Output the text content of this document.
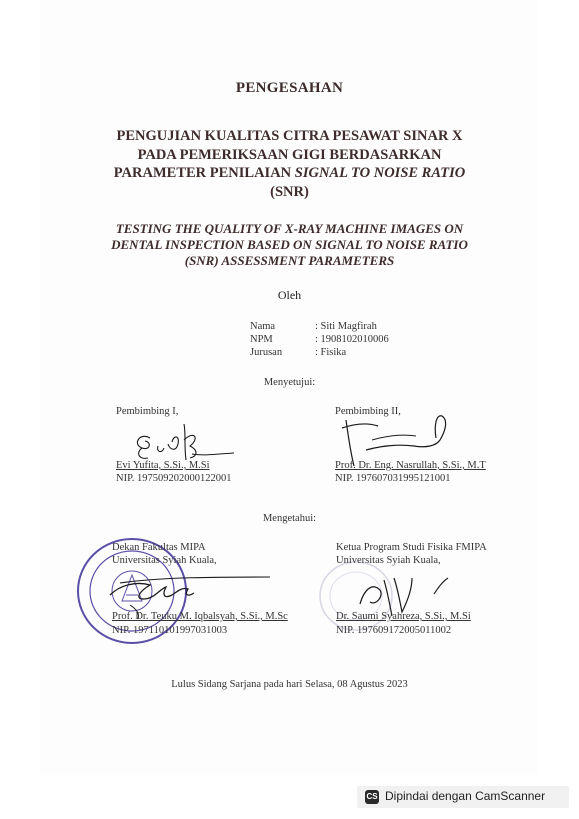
PENGESAHAN
PENGUJIAN KUALITAS CITRA PESAWAT SINAR X
PADA PEMERIKSAAN GIGI BERDASARKAN
PARAMETER PENILAIAN SIGNAL TO NOISE RATIO
(SNR)
TESTING THE QUALITY OF X-RAY MACHINE IMAGES ON
DENTAL INSPECTION BASED ON SIGNAL TO NOISE RATIO
(SNR) ASSESSMENT PARAMETERS
Oleh
Nama	: Siti Magfirah
NPM	: 1908102010006
Jurusan	: Fisika
Menyetujui:
Pembimbing I,
Evi Yufita, S.Si., M.Si
NIP. 197509202000122001
Pembimbing II,
Prof. Dr. Eng. Nasrullah, S.Si., M.T
NIP. 197607031995121001
Mengetahui:
Dekan Fakultas MIPA
Universitas Syiah Kuala,
Prof. Dr. Teuku M. Iqbalsyah, S.Si., M.Sc
NIP. 197110101997031003
Ketua Program Studi Fisika FMIPA
Universitas Syiah Kuala,
Dr. Saumi Syahreza, S.Si., M.Si
NIP. 197609172005011002
Lulus Sidang Sarjana pada hari Selasa, 08 Agustus 2023
CS Dipindai dengan CamScanner
